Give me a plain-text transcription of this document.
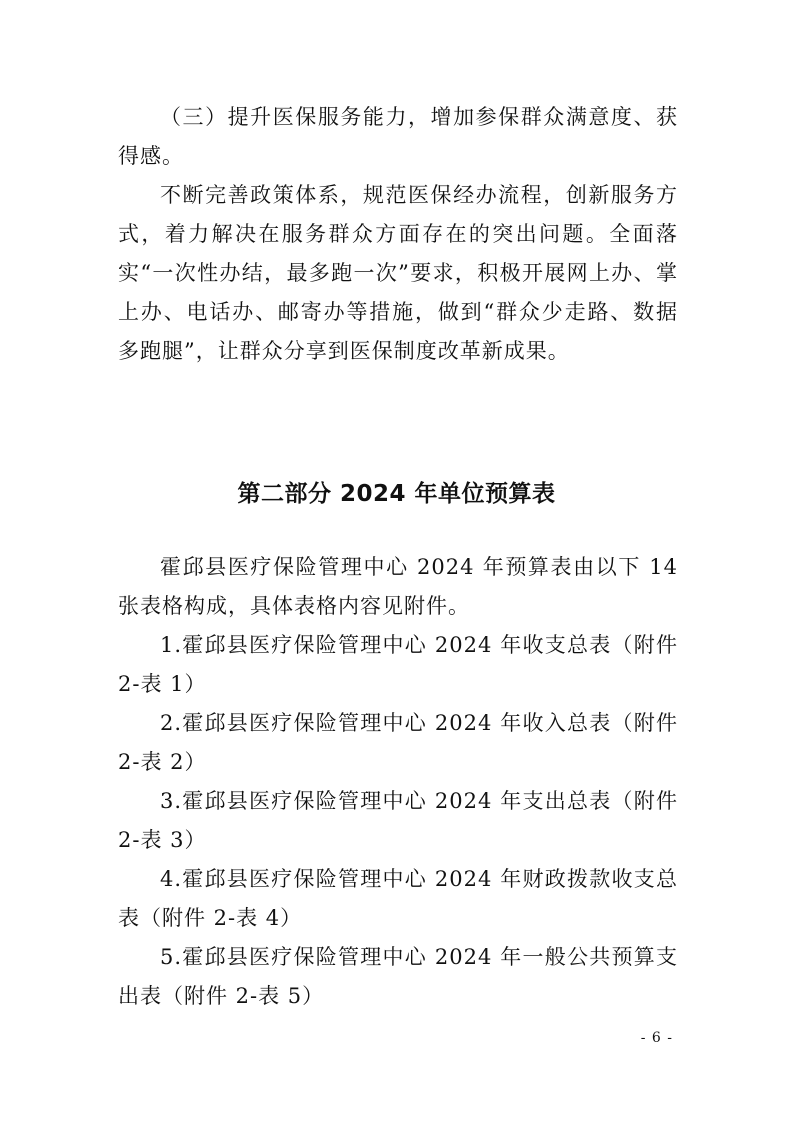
（三）提升医保服务能力，增加参保群众满意度、获得感。

不断完善政策体系，规范医保经办流程，创新服务方式，着力解决在服务群众方面存在的突出问题。全面落实“一次性办结，最多跑一次”要求，积极开展网上办、掌上办、电话办、邮寄办等措施，做到“群众少走路、数据多跑腿”，让群众分享到医保制度改革新成果。

第二部分 2024 年单位预算表

霍邱县医疗保险管理中心 2024 年预算表由以下 14 张表格构成，具体表格内容见附件。

1.霍邱县医疗保险管理中心 2024 年收支总表（附件 2-表 1）

2.霍邱县医疗保险管理中心 2024 年收入总表（附件 2-表 2）

3.霍邱县医疗保险管理中心 2024 年支出总表（附件 2-表 3）

4.霍邱县医疗保险管理中心 2024 年财政拨款收支总表（附件 2-表 4）

5.霍邱县医疗保险管理中心 2024 年一般公共预算支出表（附件 2-表 5）

- 6 -
